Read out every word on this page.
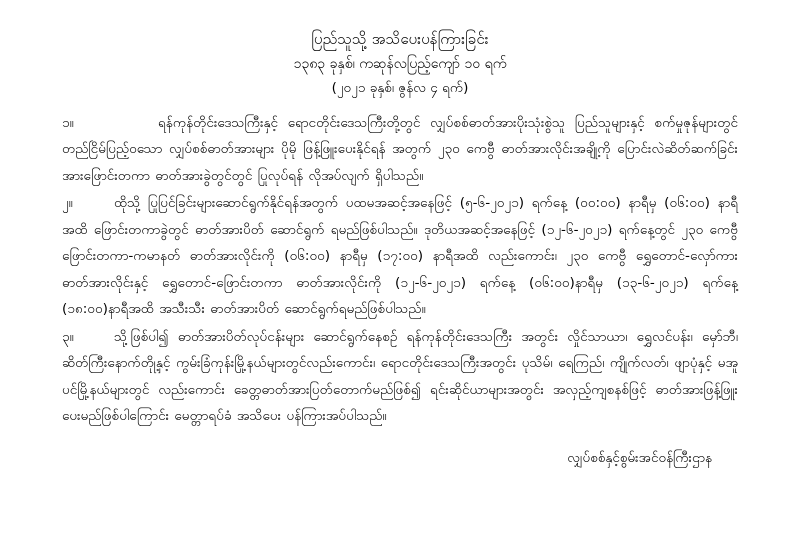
ပြည်သူသို့ အသိပေးပန်ကြားခြင်း
၁၃၈၃ ခုနှစ်၊ ကဆုန်လပြည့်ကျော် ၁၀ ရက်
(၂၀၂၁ ခုနှစ်၊ ဇွန်လ ၄ ရက်)

၁။	ရန်ကုန်တိုင်းဒေသကြီးနှင့် ရောငတိုင်းဒေသကြီးတို့တွင် လျှပ်စစ်ဓာတ်အားပိုးသုံးစွဲသူ ပြည်သူများနှင့် စက်မှုဇုန်များတွင် တည်ငြိမ်ပြည့်ဝသော လျှပ်စစ်ဓာတ်အားများ ပိုမို ဖြန့်ဖြူးပေးနိုင်ရန် အတွက် ၂၃၀ ကေဗွီ ဓာတ်အားလိုင်းအချို့ကို ပြောင်းလဲဆိတ်ဆက်ခြင်း အားဖြောင်းတကာ ဓာတ်အားခွဲတွင်တွင် ပြုလုပ်ရန် လိုအပ်လျက် ရှိပါသည်။

၂။	ထိုသို့ ပြုပြင်ခြင်းများဆောင်ရွက်နိုင်ရန်အတွက် ပထမအဆင့်အနေဖြင့် (၅-၆-၂၀၂၁) ရက်နေ့ (၀၀:၀၀) နာရီမှ (၀၆:၀၀) နာရီအထိ ဖြောင်းတကာခွဲတွင် ဓာတ်အားပိတ် ဆောင်ရွက် ရမည်ဖြစ်ပါသည်။ ဒုတိယအဆင့်အနေဖြင့် (၁၂-၆-၂၀၂၁) ရက်နေ့တွင် ၂၃၀ ကေဗွီ ဖြောင်းတကာ-ကမာနတ် ဓာတ်အားလိုင်းကို (၀၆:၀၀) နာရီမှ (၁၇:၀၀) နာရီအထိ လည်းကောင်း၊ ၂၃၀ ကေဗွီ ရွှေတောင်-လှော်ကား ဓာတ်အားလိုင်းနှင့် ရွှေတောင်-ဖြောင်းတကာ ဓာတ်အားလိုင်းကို (၁၂-၆-၂၀၂၁) ရက်နေ့ (၀၆:၀၀)နာရီမှ (၁၃-၆-၂၀၂၁) ရက်နေ့ (၁၈:၀၀)နာရီအထိ အသီးသီး ဓာတ်အားပိတ် ဆောင်ရွက်ရမည်ဖြစ်ပါသည်။

၃။	သို့ဖြစ်ပါ၍ ဓာတ်အားပိတ်လုပ်ငန်းများ ဆောင်ရွက်နေစဉ် ရန်ကုန်တိုင်းဒေသကြီး အတွင်း လှိုင်သာယာ၊ ရွှေလင်ပန်း၊ မှော်ဘီ၊ ဆိတ်ကြီးနောက်တိုု့နှင့် ကွမ်းခြံကုန်းမြို့နယ်များတွင်လည်းကောင်း၊ ရောငတိုင်းဒေသကြီးအတွင်း ပုသိမ်၊ ရေကြည်၊ ကျိုက်လတ်၊ ဖျာပုံနှင့် မအူပင်မြို့နယ်များတွင် လည်းကောင်း ခေတ္တဓာတ်အားပြတ်တောက်မည်ဖြစ်၍ ရင်းဆိုင်ယာများအတွင်း အလှည့်ကျစနစ်ဖြင့် ဓာတ်အားဖြန့်ဖြူးပေးမည်ဖြစ်ပါကြောင်း မေတ္တာရပ်ခံ အသိပေး ပန်ကြားအပ်ပါသည်။

လျှပ်စစ်နှင့်စွမ်းအင်ဝန်ကြီးဌာန
